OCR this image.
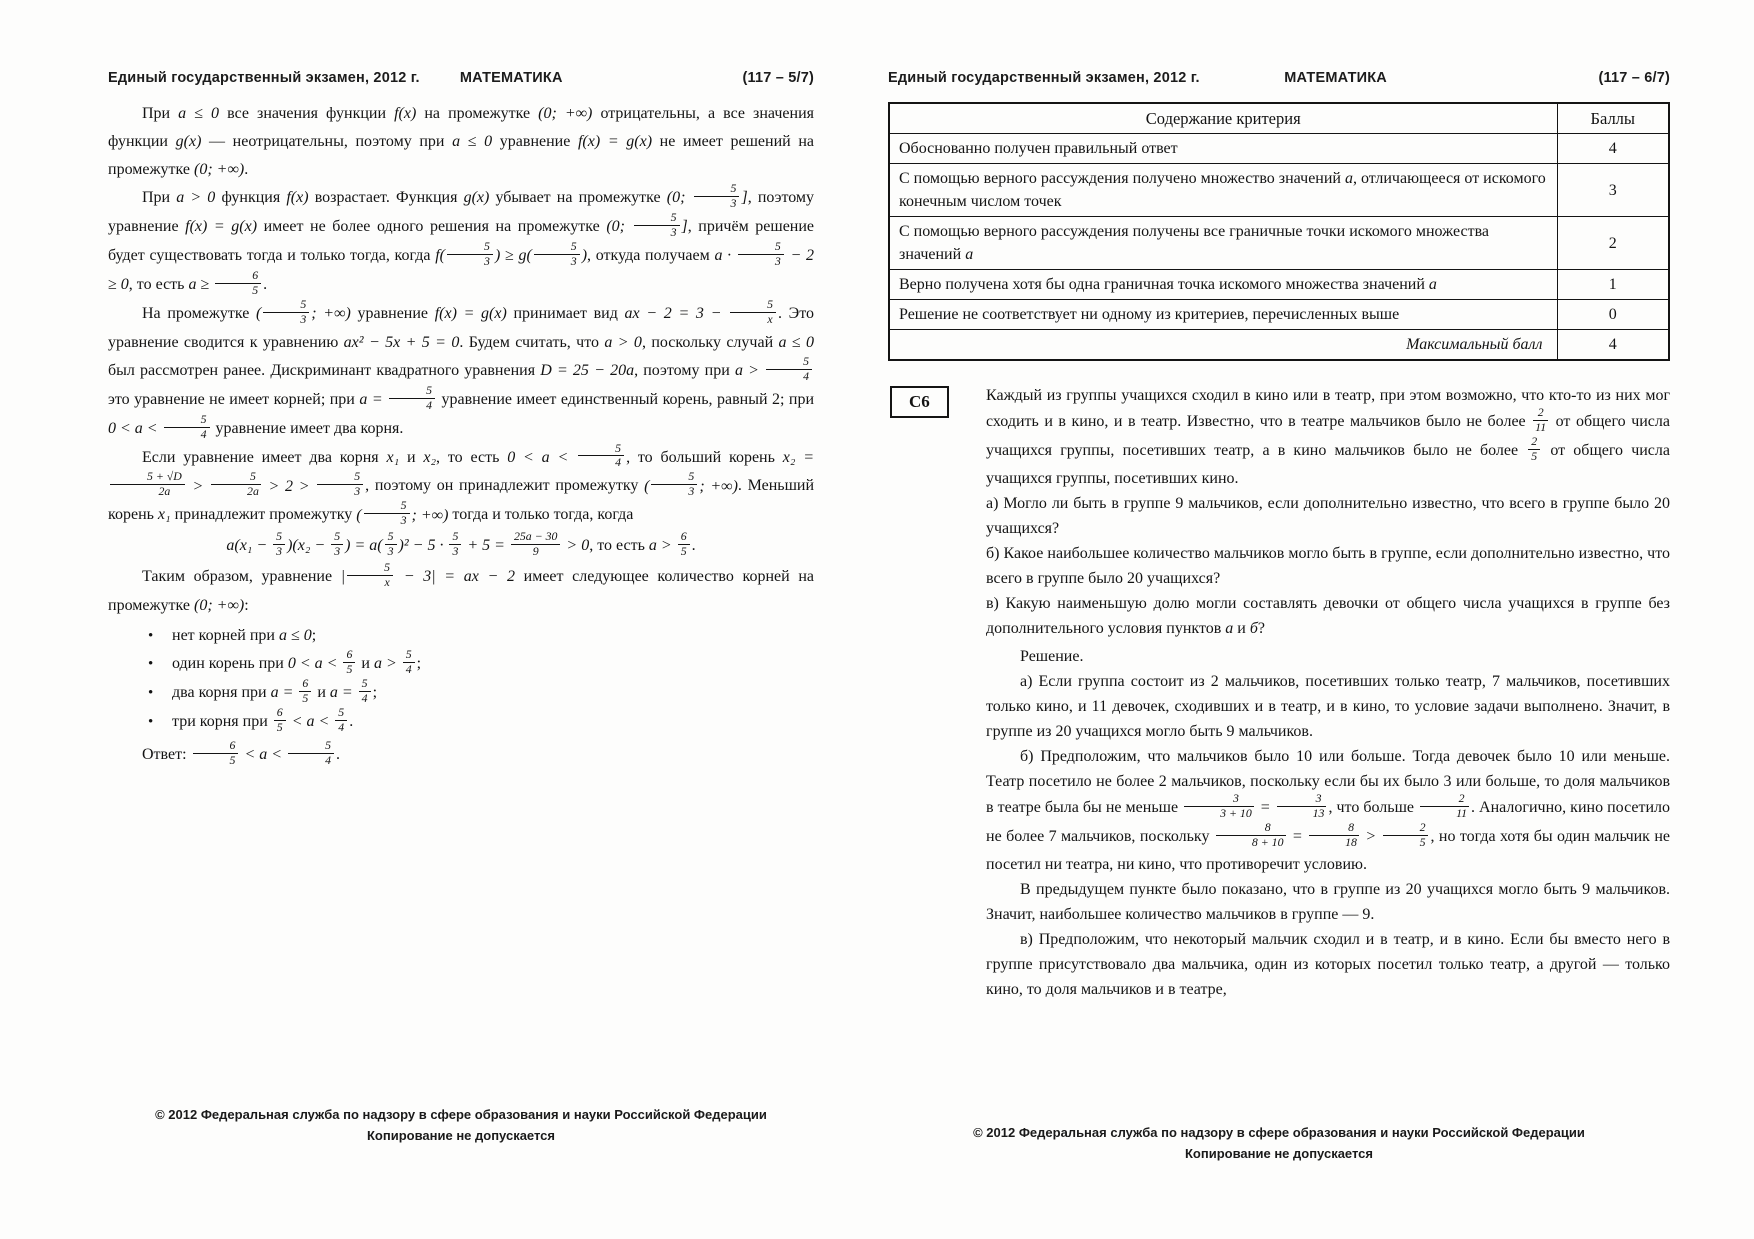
Единый государственный экзамен, 2012 г.	МАТЕМАТИКА	(117 – 5/7)

При a ≤ 0 все значения функции f(x) на промежутке (0; +∞) отрицательны, а все значения функции g(x) — неотрицательны, поэтому при a ≤ 0 уравнение f(x) = g(x) не имеет решений на промежутке (0; +∞).

При a > 0 функция f(x) возрастает. Функция g(x) убывает на промежутке (0; $\frac{5}{3}$ ], поэтому уравнение f(x) = g(x) имеет не более одного решения на промежутке (0; $\frac{5}{3}$ ], причём решение будет существовать тогда и только тогда, когда $f( \frac{5}{3}$ ) ≥ $g( \frac{5}{3}$ ), откуда получаем $a \cdot \frac{5}{3} - 2 \ge 0$, то есть $a \ge \frac{6}{5}$ .

На промежутке ( $\frac{5}{3}$ ; +∞) уравнение f(x) = g(x) принимает вид ax − $2 = 3 - \frac{5}{x}$ . Это уравнение сводится к уравнению ax² − 5x + 5 = 0. Будем считать, что a > 0, поскольку случай a ≤ 0 был рассмотрен ранее. Дискриминант квадратного уравнения D = 25 − 20a, поэтому при $a > \frac{5}{4}$
это уравнение не имеет корней; при $a = \frac{5}{4}$ уравнение имеет единственный корень, равный 2; при $0 < a < \frac{5}{4}$ уравнение имеет два корня.

Если уравнение имеет два корня x₁ и x₂, то есть $0 < a < \frac{5}{4}$ , то больший корень x₂ =
$\frac{5 + √D}{2a} > \frac{5}{2a} > 2 > \frac{5}{3}$ , поэтому он принадлежит промежутку ( $\frac{5}{3}$ ; +∞). Меньший корень x₁ принадлежит промежутку ( $\frac{5}{3}$ ; +∞) тогда и только тогда, когда

$a(x_1 - \frac{5}{3} )(x_2 - \frac{5}{3}$ ) = $a( \frac{5}{3} )^2 - 5 \cdot \frac{5}{3} + 5 = \frac{25a - 30}{9} > 0$, то есть $a > \frac{6}{5}$ .

Таким образом, уравнение | $\frac{5}{x} - 3|$ = ax − 2 имеет следующее количество корней на промежутке (0; +∞):

• нет корней при a ≤ 0;
• один корень при $0 < a < \frac{6}{5}$ и $a > \frac{5}{4}$ ;
• два корня при $a = \frac{6}{5}$ и $a = \frac{5}{4}$ ;
• три корня при $\frac{6}{5} < a < \frac{5}{4}$ .

Ответ: $\frac{6}{5} < a < \frac{5}{4}$ .

© 2012 Федеральная служба по надзору в сфере образования и науки Российской Федерации
Копирование не допускается
Единый государственный экзамен, 2012 г.	МАТЕМАТИКА	(117 – 6/7)
Содержание критерия	Баллы
Обоснованно получен правильный ответ	4
С помощью верного рассуждения получено множество значений a, отличающееся от искомого конечным числом точек	3
С помощью верного рассуждения получены все граничные точки искомого множества значений a	2
Верно получена хотя бы одна граничная точка искомого множества значений a	1
Решение не соответствует ни одному из критериев, перечисленных выше	0
Максимальный балл	4
С6	Каждый из группы учащихся сходил в кино или в театр, при этом возможно, что кто-то из них мог сходить и в кино, и в театр. Известно, что в театре мальчиков было не более $\frac{2}{11}$ от общего числа учащихся группы, посетивших театр, а в кино мальчиков было не более $\frac{2}{5}$ от общего числа учащихся группы, посетивших кино.

а) Могло ли быть в группе 9 мальчиков, если дополнительно известно, что всего в группе было 20 учащихся?

б) Какое наибольшее количество мальчиков могло быть в группе, если дополнительно известно, что всего в группе было 20 учащихся?

в) Какую наименьшую долю могли составлять девочки от общего числа учащихся в группе без дополнительного условия пунктов а и б?

Решение.

а) Если группа состоит из 2 мальчиков, посетивших только театр, 7 мальчиков, посетивших только кино, и 11 девочек, сходивших и в театр, и в кино, то условие задачи выполнено. Значит, в группе из 20 учащихся могло быть 9 мальчиков.

б) Предположим, что мальчиков было 10 или больше. Тогда девочек было 10 или меньше. Театр посетило не более 2 мальчиков, поскольку если бы их было 3 или больше, то доля мальчиков в театре была бы не меньше $\frac{3}{3 + 10} = \frac{3}{13}$ , что больше $\frac{2}{11}$ . Аналогично, кино посетило не более 7 мальчиков, поскольку $\frac{8}{8 + 10} = \frac{8}{18} > \frac{2}{5}$ , но тогда хотя бы один мальчик не посетил ни театра, ни кино, что противоречит условию.

В предыдущем пункте было показано, что в группе из 20 учащихся могло быть 9 мальчиков. Значит, наибольшее количество мальчиков в группе — 9.

в) Предположим, что некоторый мальчик сходил и в театр, и в кино. Если бы вместо него в группе присутствовало два мальчика, один из которых посетил только театр, а другой — только кино, то доля мальчиков и в театре,

© 2012 Федеральная служба по надзору в сфере образования и науки Российской Федерации
Копирование не допускается
